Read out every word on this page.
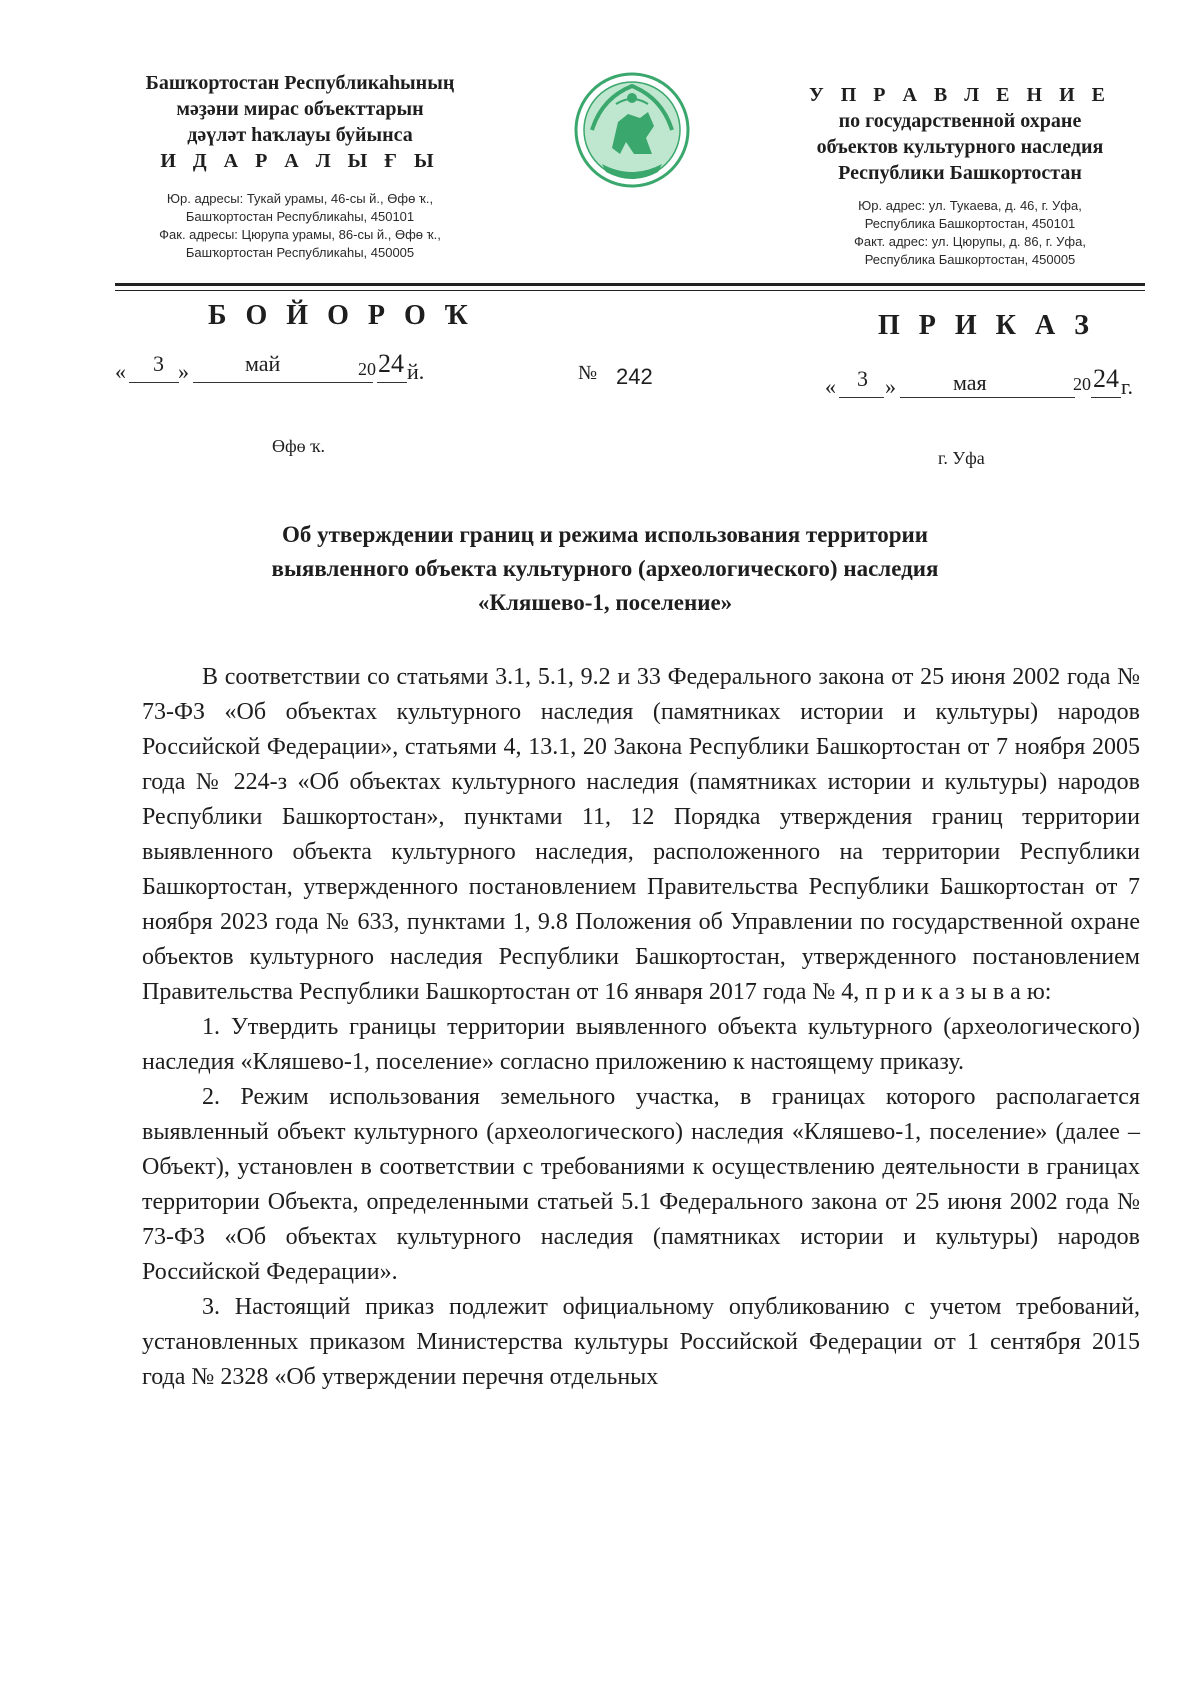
Башҡортостан Республикаһының
мәҙәни мирас объекттарын
дәүләт һаҡлауы буйынса
И Д А Р А Л Ы Ғ Ы
Юр. адресы: Тукай урамы, 46-сы й., Өфө ҡ.,
Башҡортостан Республикаһы, 450101
Фак. адресы: Цюрупа урамы, 86-сы й., Өфө ҡ.,
Башҡортостан Республикаһы, 450005
У П Р А В Л Е Н И Е
по государственной охране
объектов культурного наследия
Республики Башкортостан
Юр. адрес: ул. Тукаева, д. 46, г. Уфа,
Республика Башкортостан, 450101
Факт. адрес: ул. Цюрупы, д. 86, г. Уфа,
Республика Башкортостан, 450005
Б О Й О Р О Ҡ
« 3 »	май	20 24 й.
Өфө ҡ.
№ 242
П Р И К А З
« 3 »	мая	20 24 г.
г. Уфа
Об утверждении границ и режима использования территории
выявленного объекта культурного (археологического) наследия
«Кляшево-1, поселение»

В соответствии со статьями 3.1, 5.1, 9.2 и 33 Федерального закона от 25 июня 2002 года № 73-ФЗ «Об объектах культурного наследия (памятниках истории и культуры) народов Российской Федерации», статьями 4, 13.1, 20 Закона Республики Башкортостан от 7 ноября 2005 года № 224-з «Об объектах культурного наследия (памятниках истории и культуры) народов Республики Башкортостан», пунктами 11, 12 Порядка утверждения границ территории выявленного объекта культурного наследия, расположенного на территории Республики Башкортостан, утвержденного постановлением Правительства Республики Башкортостан от 7 ноября 2023 года № 633, пунктами 1, 9.8 Положения об Управлении по государственной охране объектов культурного наследия Республики Башкортостан, утвержденного постановлением Правительства Республики Башкортостан от 16 января 2017 года № 4, п р и к а з ы в а ю:

1. Утвердить границы территории выявленного объекта культурного (археологического) наследия «Кляшево-1, поселение» согласно приложению к настоящему приказу.

2. Режим использования земельного участка, в границах которого располагается выявленный объект культурного (археологического) наследия «Кляшево-1, поселение» (далее – Объект), установлен в соответствии с требованиями к осуществлению деятельности в границах территории Объекта, определенными статьей 5.1 Федерального закона от 25 июня 2002 года № 73-ФЗ «Об объектах культурного наследия (памятниках истории и культуры) народов Российской Федерации».

3. Настоящий приказ подлежит официальному опубликованию с учетом требований, установленных приказом Министерства культуры Российской Федерации от 1 сентября 2015 года № 2328 «Об утверждении перечня отдельных
